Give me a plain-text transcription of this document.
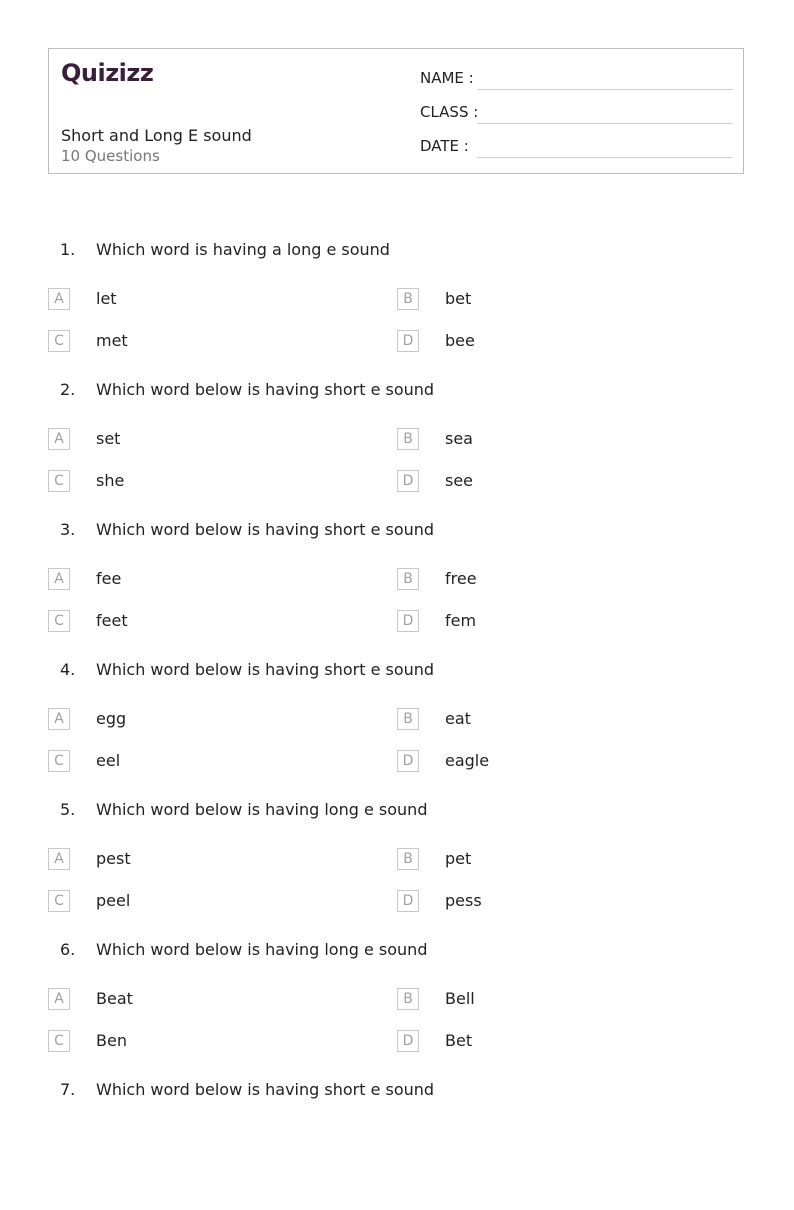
Quizizz
Short and Long E sound
10 Questions
NAME :
CLASS :
DATE :
1. Which word is having a long e sound
A	let	B	bet
C	met	D	bee
2. Which word below is having short e sound
A	set	B	sea
C	she	D	see
3. Which word below is having short e sound
A	fee	B	free
C	feet	D	fem
4. Which word below is having short e sound
A	egg	B	eat
C	eel	D	eagle
5. Which word below is having long e sound
A	pest	B	pet
C	peel	D	pess
6. Which word below is having long e sound
A	Beat	B	Bell
C	Ben	D	Bet
7. Which word below is having short e sound
